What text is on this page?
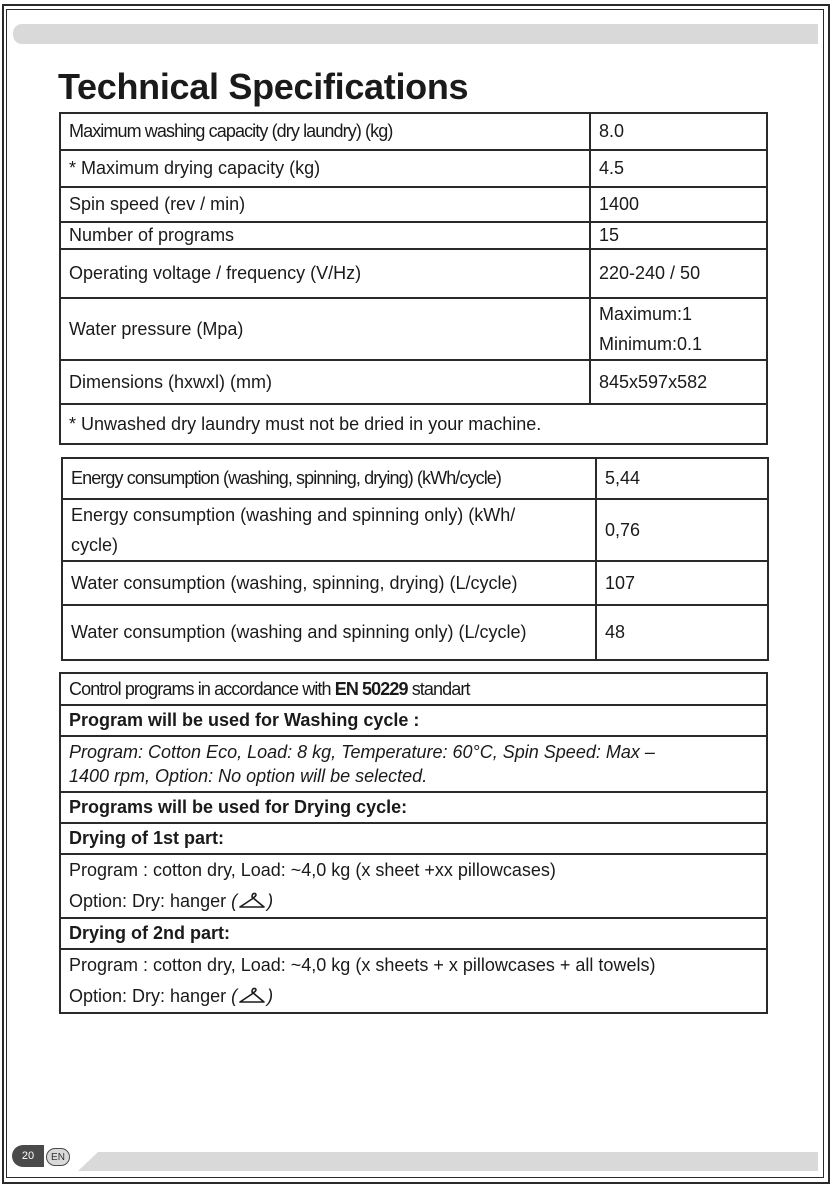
Technical Specifications
Maximum washing capacity (dry laundry) (kg)	8.0
* Maximum drying capacity (kg)	4.5
Spin speed (rev / min)	1400
Number of programs	15
Operating voltage / frequency (V/Hz)	220-240 / 50
Water pressure (Mpa)	Maximum:1
Minimum:0.1

Dimensions (hxwxl) (mm)	845x597x582
* Unwashed dry laundry must not be dried in your machine.	
Energy consumption (washing, spinning, drying) (kWh/cycle)	5,44

Energy consumption (washing and spinning only) (kWh/
cycle)	0,76
Water consumption (washing, spinning, drying) (L/cycle)	107
Water consumption (washing and spinning only) (L/cycle)	48
Control programs in accordance with EN 50229 standart
Program will be used for Washing cycle :

Program: Cotton Eco, Load: 8 kg, Temperature: 60°C, Spin Speed: Max –
1400 rpm, Option: No option will be selected.

Programs will be used for Drying cycle:
Drying of 1st part:

Program : cotton dry, Load: ~4,0 kg (x sheet +xx pillowcases)
Option: Dry: hanger ( )

Drying of 2nd part:

Program : cotton dry, Load: ~4,0 kg (x sheets + x pillowcases + all towels)
Option: Dry: hanger ( )
20	EN
